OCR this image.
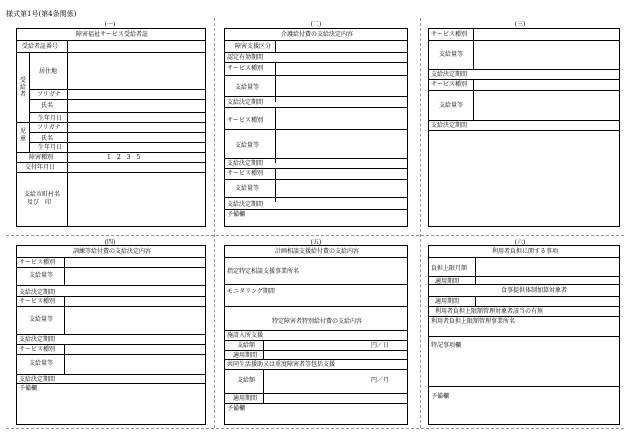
様式第1号(第4条関係)
(一)	(二)	(三)
(四)	(五)	(六)
障害福祉サービス受給者証
受給者証番号
受給者
居住地
フリガナ
氏名
生年月日
児童
フリガナ
氏名
生年月日
障害種別	1　2　3　5
交付年月日
支給市町村名
及び　印
介護給付費の支給決定内容
障害支援区分
認定有効期間
サービス種別
支給量等
支給決定期間
サービス種別
支給量等
支給決定期間
サービス種別
支給量等
支給決定期間
予備欄
サービス種別
支給量等
支給決定期間
サービス種別
支給量等
支給決定期間
訓練等給付費の支給決定内容
サービス種別
支給量等
支給決定期間
サービス種別
支給量等
支給決定期間
サービス種別
支給量等
支給決定期間
予備欄
計画相談支援給付費の支給内容
指定特定相談支援事業所名
モニタリング期間
特定障害者特別給付費の支給内容
施設入所支援
支給額	円／日
適用期間
共同生活援助又は重度障害者等包括支援
支給額	円／月
適用期間
予備欄
利用者負担に関する事項
負担上限月額
適用期間
食事提供体制加算対象者
適用期間
利用者負担上限額管理対象者該当の有無
利用者負担上限額管理事業所名
特記事項欄
予備欄
